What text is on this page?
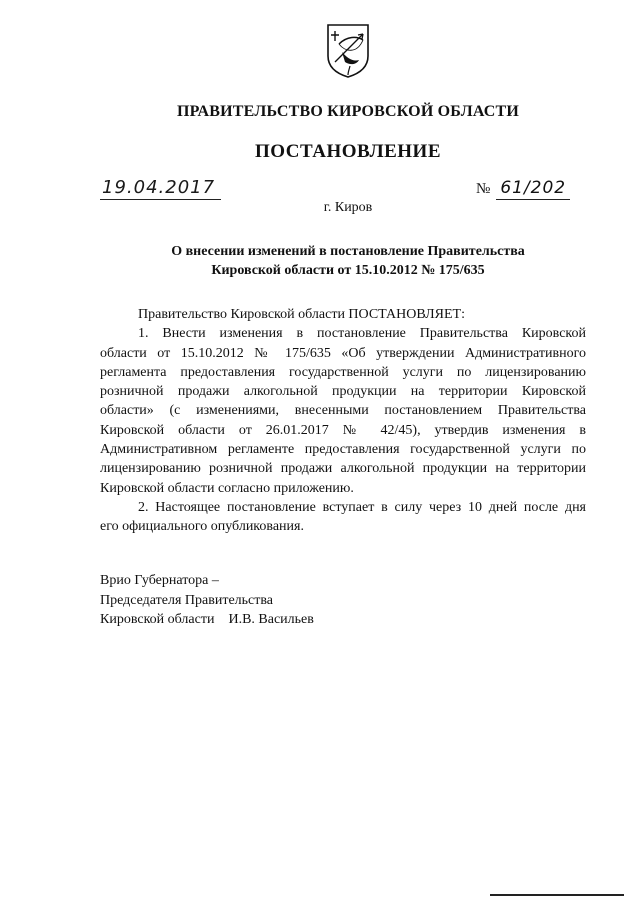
ПРАВИТЕЛЬСТВО КИРОВСКОЙ ОБЛАСТИ
ПОСТАНОВЛЕНИЕ
19.04.2017	№ 61/202
г. Киров
О внесении изменений в постановление Правительства
Кировской области от 15.10.2012 № 175/635
Правительство Кировской области ПОСТАНОВЛЯЕТ:
1. Внести изменения в постановление Правительства Кировской
области от 15.10.2012 № 175/635 «Об утверждении Административного
регламента предоставления государственной услуги по лицензированию
розничной продажи алкогольной продукции на территории Кировской
области» (с изменениями, внесенными постановлением Правительства
Кировской области от 26.01.2017 № 42/45), утвердив изменения в
Административном регламенте предоставления государственной услуги по
лицензированию розничной продажи алкогольной продукции на территории
Кировской области согласно приложению.
2. Настоящее постановление вступает в силу через 10 дней после дня
его официального опубликования.
Врио Губернатора –
Председателя Правительства
Кировской области И.В. Васильев
